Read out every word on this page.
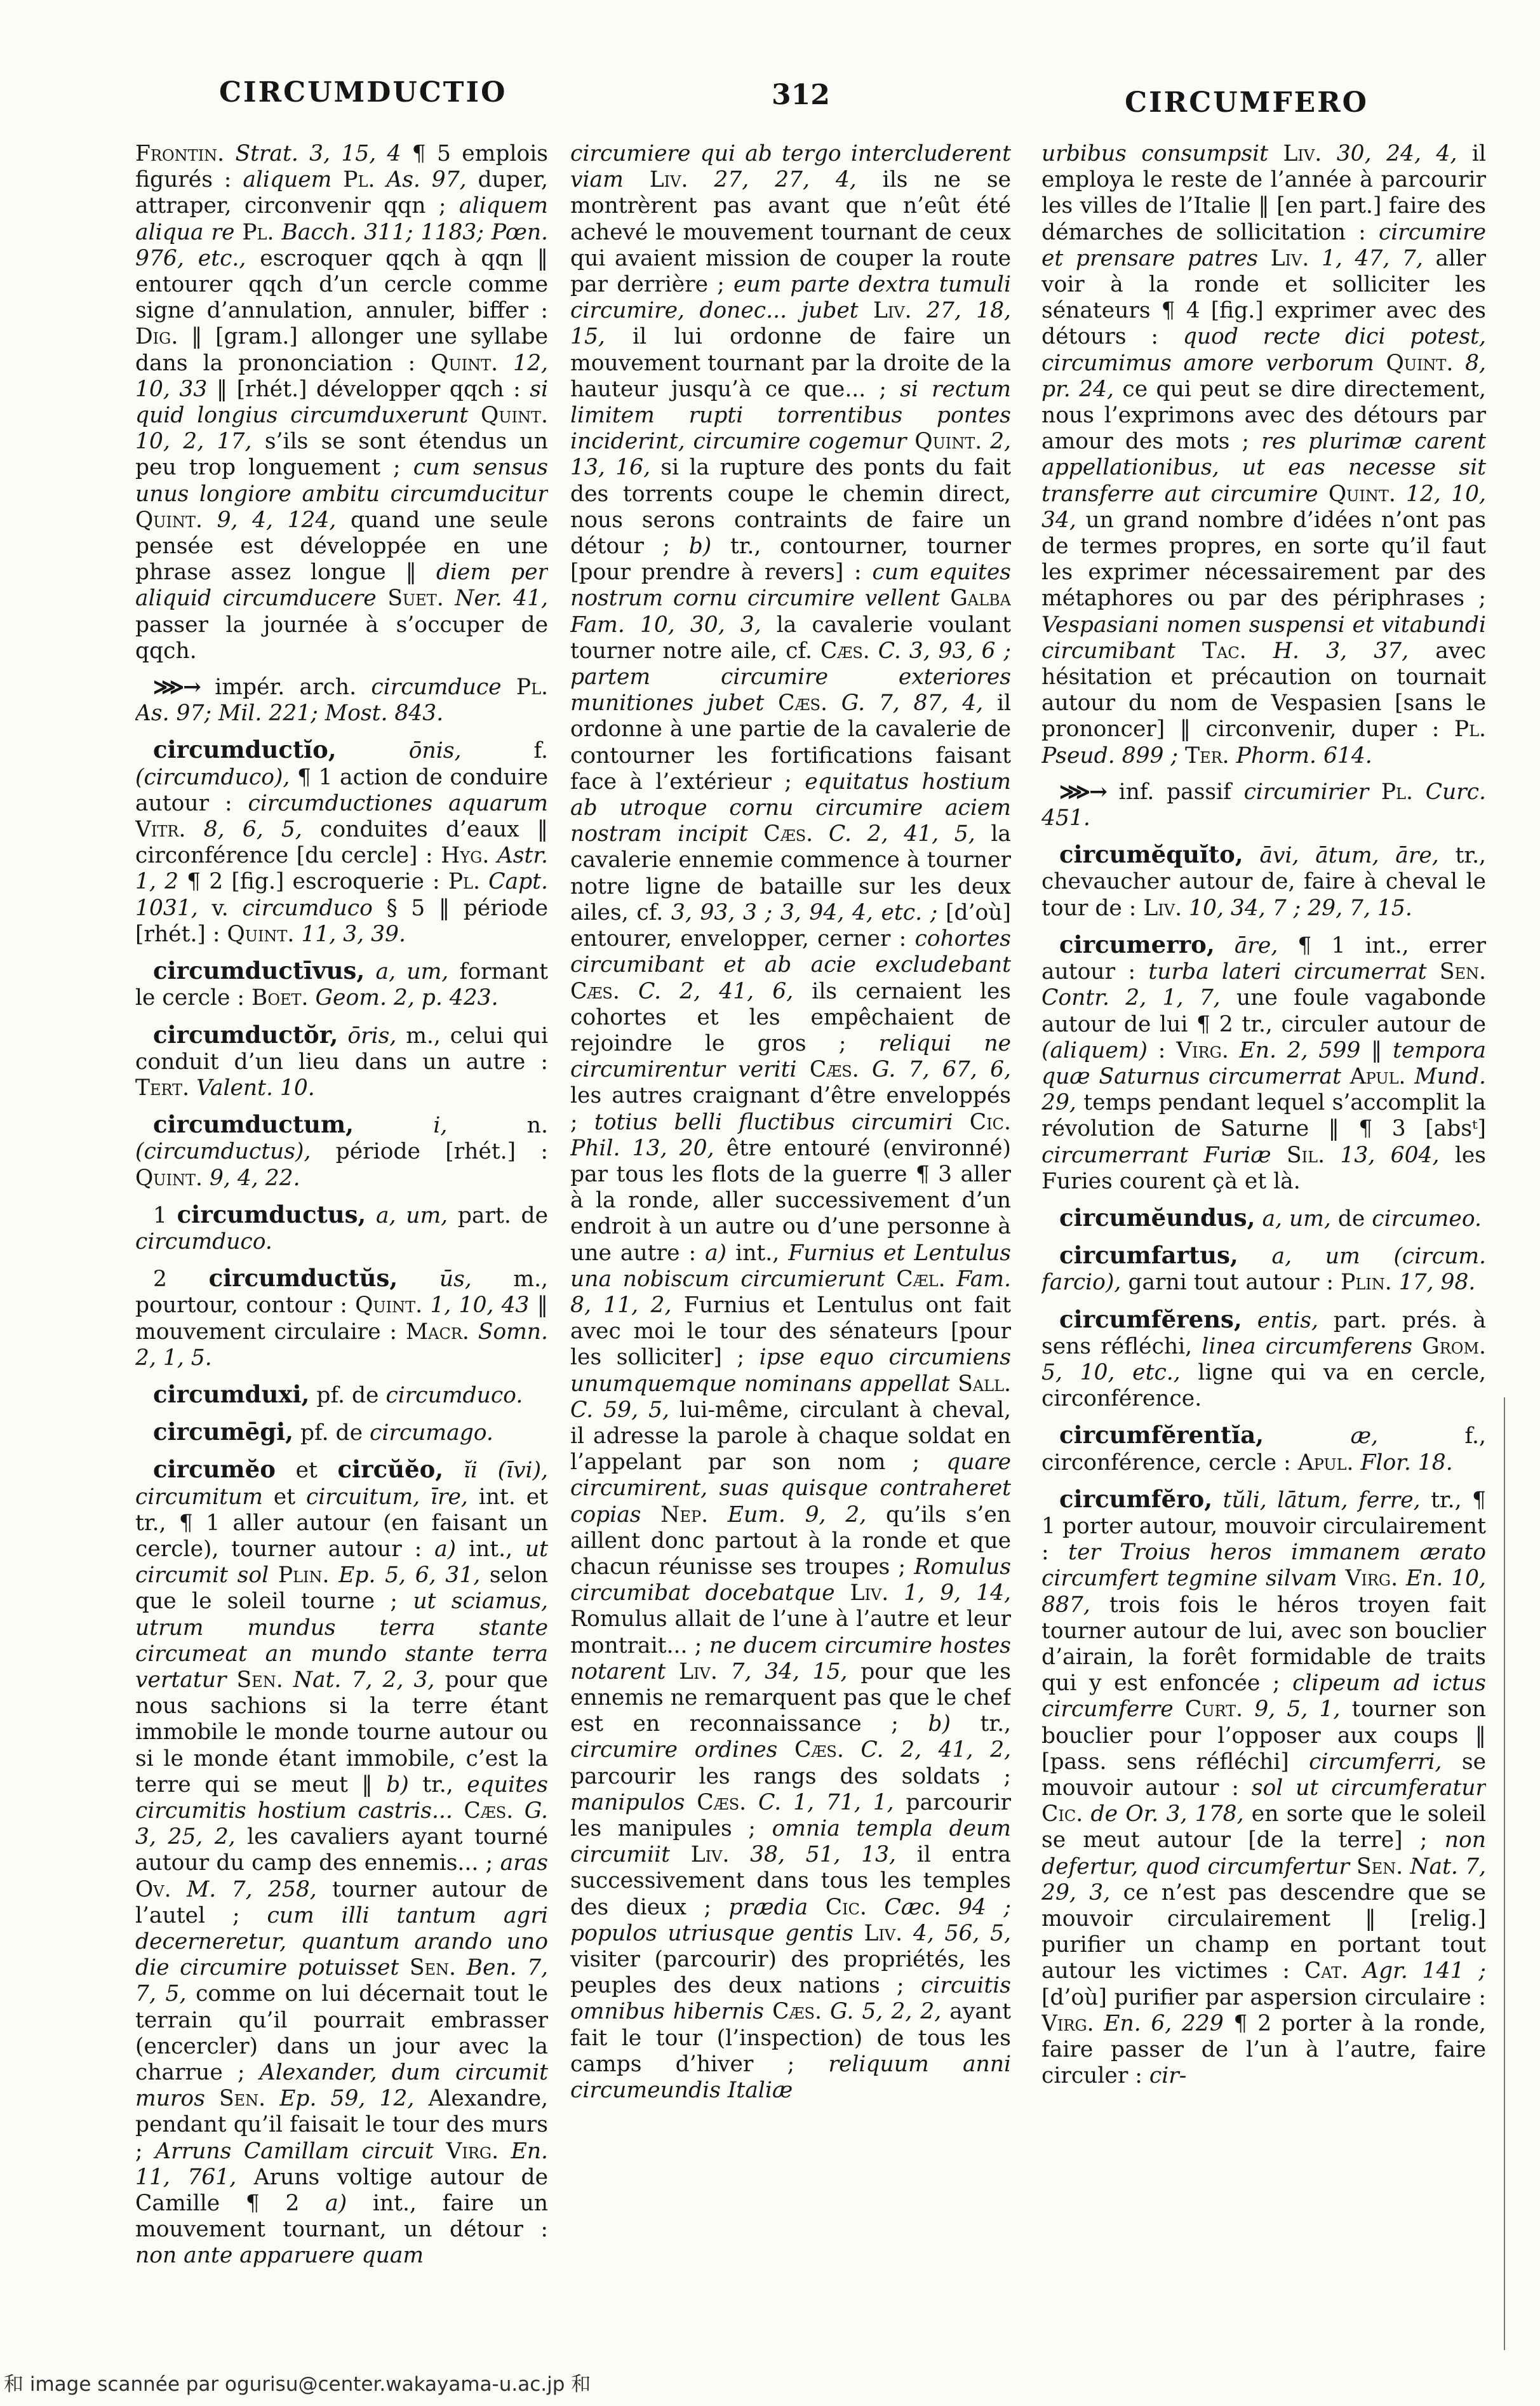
CIRCUMDUCTIO	312	CIRCUMFERO

Frontin. Strat. 3, 15, 4 ¶ 5 emplois figurés : aliquem Pl. As. 97, duper, attraper, circonvenir qqn ; aliquem aliqua re Pl. Bacch. 311; 1183; Pœn. 976, etc., escroquer qqch à qqn ‖ entourer qqch d’un cercle comme signe d’annulation, annuler, biffer : Dig. ‖ [gram.] allonger une syllabe dans la prononciation : Quint. 12, 10, 33 ‖ [rhét.] développer qqch : si quid longius circumduxerunt Quint. 10, 2, 17, s’ils se sont étendus un peu trop longuement ; cum sensus unus longiore ambitu circumducitur Quint. 9, 4, 124, quand une seule pensée est développée en une phrase assez longue ‖ diem per aliquid circumducere Suet. Ner. 41, passer la journée à s’occuper de qqch.

⋙→ impér. arch. circumduce Pl. As. 97; Mil. 221; Most. 843.

circumductĭo,	ōnis, f. (circumduco), ¶ 1 action de conduire autour : circumductiones aquarum Vitr. 8, 6, 5, conduites d’eaux ‖ circonférence [du cercle] : Hyg. Astr. 1, 2 ¶ 2 [fig.] escroquerie : Pl. Capt. 1031, v. circumduco § 5 ‖ période [rhét.] : Quint. 11, 3, 39.

circumductīvus, a, um, formant le cercle : Boet. Geom. 2, p. 423.

circumductŏr, ōris, m., celui qui conduit d’un lieu dans un autre : Tert. Valent. 10.

circumductum,	i, n. (circumductus), période [rhét.] : Quint. 9, 4, 22.

1 circumductus, a, um, part. de circumduco.

2 circumductŭs, ūs, m., pourtour, contour : Quint. 1, 10, 43 ‖ mouvement circulaire : Macr. Somn. 2, 1, 5.

circumduxi, pf. de circumduco.

circumēgi, pf. de circumago.

circumĕo et circŭĕo, ĭi (īvi), circumitum et circuitum, īre, int. et tr., ¶ 1 aller autour (en faisant un cercle), tourner autour : a) int., ut circumit sol Plin. Ep. 5, 6, 31, selon que le soleil tourne ; ut sciamus, utrum mundus terra stante circumeat an mundo stante terra vertatur Sen. Nat. 7, 2, 3, pour que nous sachions si la terre étant immobile le monde tourne autour ou si le monde étant immobile, c’est la terre qui se meut ‖ b) tr., equites circumitis hostium castris... Cæs. G. 3, 25, 2, les cavaliers ayant tourné autour du camp des ennemis... ; aras Ov. M. 7, 258, tourner autour de l’autel ; cum illi tantum agri decerneretur, quantum arando uno die circumire potuisset Sen. Ben. 7, 7, 5, comme on lui décernait tout le terrain qu’il pourrait embrasser (encercler) dans un jour avec la charrue ; Alexander, dum circumit muros Sen. Ep. 59, 12, Alexandre, pendant qu’il faisait le tour des murs ; Arruns Camillam circuit Virg. En. 11, 761, Aruns voltige autour de Camille ¶ 2 a) int., faire un mouvement tournant, un détour : non ante apparuere quam

circumiere qui ab tergo intercluderent viam Liv. 27, 27, 4, ils ne se montrèrent pas avant que n’eût été achevé le mouvement tournant de ceux qui avaient mission de couper la route par derrière ; eum parte dextra tumuli circumire, donec... jubet Liv. 27, 18, 15, il lui ordonne de faire un mouvement tournant par la droite de la hauteur jusqu’à ce que... ; si rectum limitem rupti torrentibus pontes inciderint, circumire cogemur Quint. 2, 13, 16, si la rupture des ponts du fait des torrents coupe le chemin direct, nous serons contraints de faire un détour ; b) tr., contourner, tourner [pour prendre à revers] : cum equites nostrum cornu circumire vellent Galba Fam. 10, 30, 3, la cavalerie voulant tourner notre aile, cf. Cæs. C. 3, 93, 6 ; partem circumire exteriores munitiones jubet Cæs. G. 7, 87, 4, il ordonne à une partie de la cavalerie de contourner les fortifications faisant face à l’extérieur ; equitatus hostium ab utroque cornu circumire aciem nostram incipit Cæs. C. 2, 41, 5, la cavalerie ennemie commence à tourner notre ligne de bataille sur les deux ailes, cf. 3, 93, 3 ; 3, 94, 4, etc. ; [d’où] entourer, envelopper, cerner : cohortes circumibant et ab acie excludebant Cæs. C. 2, 41, 6, ils cernaient les cohortes et les empêchaient de rejoindre le gros ; reliqui ne circumirentur veriti Cæs. G. 7, 67, 6, les autres craignant d’être enveloppés ; totius belli fluctibus circumiri Cic. Phil. 13, 20, être entouré (environné) par tous les flots de la guerre ¶ 3 aller à la ronde, aller successivement d’un endroit à un autre ou d’une personne à une autre : a) int., Furnius et Lentulus una nobiscum circumierunt Cæl. Fam. 8, 11, 2, Furnius et Lentulus ont fait avec moi le tour des sénateurs [pour les solliciter] ; ipse equo circumiens unumquemque nominans appellat Sall. C. 59, 5, lui-même, circulant à cheval, il adresse la parole à chaque soldat en l’appelant par son nom ; quare circumirent, suas quisque contraheret copias Nep. Eum. 9, 2, qu’ils s’en aillent donc partout à la ronde et que chacun réunisse ses troupes ; Romulus circumibat docebatque Liv. 1, 9, 14, Romulus allait de l’une à l’autre et leur montrait... ; ne ducem circumire hostes notarent Liv. 7, 34, 15, pour que les ennemis ne remarquent pas que le chef est en reconnaissance ; b) tr., circumire ordines Cæs. C. 2, 41, 2, parcourir les rangs des soldats ; manipulos Cæs. C. 1, 71, 1, parcourir les manipules ; omnia templa deum circumiit Liv. 38, 51, 13, il entra successivement dans tous les temples des dieux ; prædia Cic. Cæc. 94 ; populos utriusque gentis Liv. 4, 56, 5, visiter (parcourir) des propriétés, les peuples des deux nations ; circuitis omnibus hibernis Cæs. G. 5, 2, 2, ayant fait le tour (l’inspection) de tous les camps d’hiver ; reliquum anni circumeundis Italiæ

urbibus consumpsit Liv. 30, 24, 4, il employa le reste de l’année à parcourir les villes de l’Italie ‖ [en part.] faire des démarches de sollicitation : circumire et prensare patres Liv. 1, 47, 7, aller voir à la ronde et solliciter les sénateurs ¶ 4 [fig.] exprimer avec des détours : quod recte dici potest, circumimus amore verborum Quint. 8, pr. 24, ce qui peut se dire directement, nous l’exprimons avec des détours par amour des mots ; res plurimæ carent appellationibus, ut eas necesse sit transferre aut circumire Quint. 12, 10, 34, un grand nombre d’idées n’ont pas de termes propres, en sorte qu’il faut les exprimer nécessairement par des métaphores ou par des périphrases ; Vespasiani nomen suspensi et vitabundi circumibant Tac. H. 3, 37, avec hésitation et précaution on tournait autour du nom de Vespasien [sans le prononcer] ‖ circonvenir, duper : Pl. Pseud. 899 ; Ter. Phorm. 614.

⋙→ inf. passif circumirier Pl. Curc. 451.

circumĕquĭto, āvi, ātum, āre, tr., chevaucher autour de, faire à cheval le tour de : Liv. 10, 34, 7 ; 29, 7, 15.

circumerro, āre, ¶ 1 int., errer autour : turba lateri circumerrat Sen. Contr. 2, 1, 7, une foule vagabonde autour de lui ¶ 2 tr., circuler autour de (aliquem) : Virg. En. 2, 599 ‖ tempora quæ Saturnus circumerrat Apul. Mund. 29, temps pendant lequel s’accomplit la révolution de Saturne ‖ ¶ 3 [absᵗ] circumerrant Furiæ Sil. 13, 604, les Furies courent çà et là.

circumĕundus, a, um, de circumeo.

circumfartus, a, um (circum. farcio), garni tout autour : Plin. 17, 98.

circumfĕrens, entis, part. prés. à sens réfléchi, linea circumferens Grom. 5, 10, etc., ligne qui va en cercle, circonférence.

circumfĕrentĭa,	æ, f., circonférence, cercle : Apul. Flor. 18.

circumfĕro, tŭli, lātum, ferre, tr., ¶ 1 porter autour, mouvoir circulairement : ter Troius heros immanem ærato circumfert tegmine silvam Virg. En. 10, 887, trois fois le héros troyen fait tourner autour de lui, avec son bouclier d’airain, la forêt formidable de traits qui y est enfoncée ; clipeum ad ictus circumferre Curt. 9, 5, 1, tourner son bouclier pour l’opposer aux coups ‖ [pass. sens réfléchi] circumferri, se mouvoir autour : sol ut circumferatur Cic. de Or. 3, 178, en sorte que le soleil se meut autour [de la terre] ; non defertur, quod circumfertur Sen. Nat. 7, 29, 3, ce n’est pas descendre que se mouvoir circulairement ‖ [relig.] purifier un champ en portant tout autour les victimes : Cat. Agr. 141 ; [d’où] purifier par aspersion circulaire : Virg. En. 6, 229 ¶ 2 porter à la ronde, faire passer de l’un à l’autre, faire circuler : cir-

和 image scannée par ogurisu@center.wakayama-u.ac.jp 和
